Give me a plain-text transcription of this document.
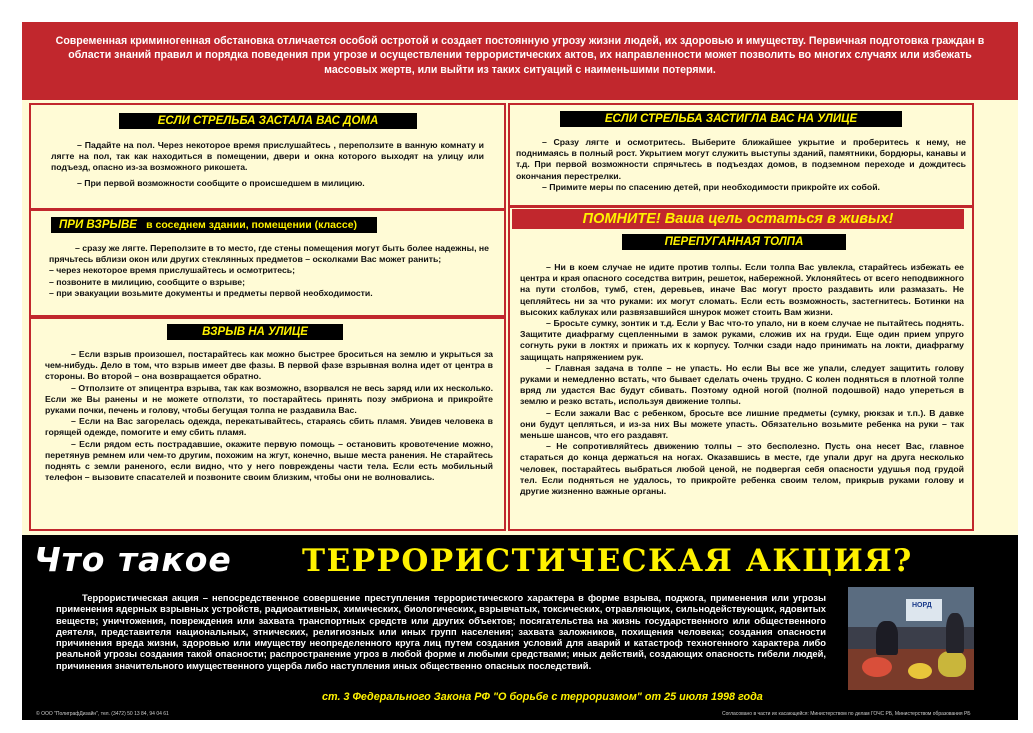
Современная криминогенная обстановка отличается особой остротой и создает постоянную угрозу жизни людей, их здоровью и имуществу. Первичная подготовка граждан в области знаний правил и порядка поведения при угрозе и осуществлении террористических актов, их направленности может позволить во многих случаях или избежать массовых жертв, или выйти из таких ситуаций с наименьшими потерями.

ЕСЛИ СТРЕЛЬБА ЗАСТАЛА ВАС ДОМА

– Падайте на пол. Через некоторое время прислушайтесь , переползите в ванную комнату и лягте на пол, так как находиться в помещении, двери и окна которого выходят на улицу или подъезд, опасно из-за возможного рикошета.

– При первой возможности сообщите о происшедшем в милицию.

ПРИ ВЗРЫВЕ в соседнем здании, помещении (классе)

– сразу же лягте. Переползите в то место, где стены помещения могут быть более надежны, не прячьтесь вблизи окон или других стеклянных предметов – осколками Вас может ранить;

– через некоторое время прислушайтесь и осмотритесь;

– позвоните в милицию, сообщите о взрыве;

– при эвакуации возьмите документы и предметы первой необходимости.

ВЗРЫВ НА УЛИЦЕ

– Если взрыв произошел, постарайтесь как можно быстрее броситься на землю и укрыться за чем-нибудь. Дело в том, что взрыв имеет две фазы. В первой фазе взрывная волна идет от центра в стороны. Во второй – она возвращается обратно.

– Отползите от эпицентра взрыва, так как возможно, взорвался не весь заряд или их несколько. Если же Вы ранены и не можете отползти, то постарайтесь принять позу эмбриона и прикройте руками почки, печень и голову, чтобы бегущая толпа не раздавила Вас.

– Если на Вас загорелась одежда, перекатывайтесь, стараясь сбить пламя. Увидев человека в горящей одежде, помогите и ему сбить пламя.

– Если рядом есть пострадавшие, окажите первую помощь – остановить кровотечение можно, перетянув ремнем или чем-то другим, похожим на жгут, конечно, выше места ранения. Не старайтесь поднять с земли раненого, если видно, что у него повреждены части тела. Если есть мобильный телефон – вызовите спасателей и позвоните своим близким, чтобы они не волновались.

ЕСЛИ СТРЕЛЬБА ЗАСТИГЛА ВАС НА УЛИЦЕ

– Сразу лягте и осмотритесь. Выберите ближайшее укрытие и проберитесь к нему, не поднимаясь в полный рост. Укрытием могут служить выступы зданий, памятники, бордюры, канавы и т.д. При первой возможности спрячьтесь в подъездах домов, в подземном переходе и дождитесь окончания перестрелки.

– Примите меры по спасению детей, при необходимости прикройте их собой.

ПОМНИТЕ! Ваша цель остаться в живых!
ПЕРЕПУГАННАЯ ТОЛПА

– Ни в коем случае не идите против толпы. Если толпа Вас увлекла, старайтесь избежать ее центра и края опасного соседства витрин, решеток, набережной. Уклоняйтесь от всего неподвижного на пути столбов, тумб, стен, деревьев, иначе Вас могут просто раздавить или размазать. Не цепляйтесь ни за что руками: их могут сломать. Если есть возможность, застегнитесь. Ботинки на высоких каблуках или развязавшийся шнурок может стоить Вам жизни.

– Бросьте сумку, зонтик и т.д. Если у Вас что-то упало, ни в коем случае не пытайтесь поднять. Защитите диафрагму сцепленными в замок руками, сложив их на груди. Еще один прием упруго согнуть руки в локтях и прижать их к корпусу. Толчки сзади надо принимать на локти, диафрагму защищать напряжением рук.

– Главная задача в толпе – не упасть. Но если Вы все же упали, следует защитить голову руками и немедленно встать, что бывает сделать очень трудно. С колен подняться в плотной толпе вряд ли удастся Вас будут сбивать. Поэтому одной ногой (полной подошвой) надо упереться в землю и резко встать, используя движение толпы.

– Если зажали Вас с ребенком, бросьте все лишние предметы (сумку, рюкзак и т.п.). В давке они будут цепляться, и из-за них Вы можете упасть. Обязательно возьмите ребенка на руки – так меньше шансов, что его раздавят.

– Не сопротивляйтесь движению толпы – это бесполезно. Пусть она несет Вас, главное стараться до конца держаться на ногах. Оказавшись в месте, где упали друг на друга несколько человек, постарайтесь выбраться любой ценой, не подвергая себя опасности удушья под грудой тел. Если подняться не удалось, то прикройте ребенка своим телом, прикрыв руками голову и другие жизненно важные органы.

Что такое ТЕРРОРИСТИЧЕСКАЯ АКЦИЯ?

Террористическая акция – непосредственное совершение преступления террористического характера в форме взрыва, поджога, применения или угрозы применения ядерных взрывных устройств, радиоактивных, химических, биологических, взрывчатых, токсических, отравляющих, сильнодействующих, ядовитых веществ; уничтожения, повреждения или захвата транспортных средств или других объектов; посягательства на жизнь государственного или общественного деятеля, представителя национальных, этнических, религиозных или иных групп населения; захвата заложников, похищения человека; создания опасности причинения вреда жизни, здоровью или имуществу неопределенного круга лиц путем создания условий для аварий и катастроф техногенного характера либо реальной угрозы создания такой опасности; распространение угроз в любой форме и любыми средствами; иных действий, создающих опасность гибели людей, причинения значительного имущественного ущерба либо наступления иных общественно опасных последствий.

НОРД
ст. 3 Федерального Закона РФ "О борьбе с терроризмом" от 25 июля 1998 года
© ООО "ПолиграфДизайн", тел. (3472) 50 13 84, 94 04 61	Согласовано в части их касающейся: Министерством по делам ГОЧС РБ, Министерством образования РБ
